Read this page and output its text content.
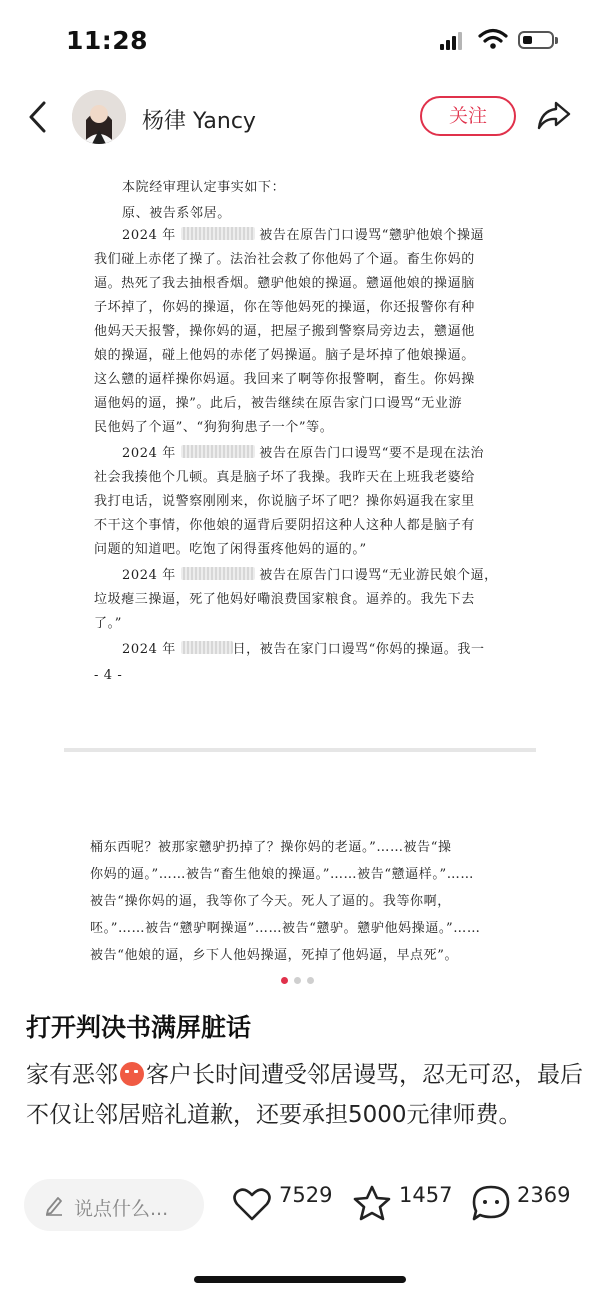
11:28
杨律 Yancy	关注
本院经审理认定事实如下：
原、被告系邻居。
2024 年	被告在原告门口谩骂“戆驴他娘个操逼
我们碰上赤佬了操了。法治社会救了你他妈了个逼。畜生你妈的
逼。热死了我去抽根香烟。戆驴他娘的操逼。戆逼他娘的操逼脑
子坏掉了，你妈的操逼，你在等他妈死的操逼，你还报警你有种
他妈天天报警，操你妈的逼，把屋子搬到警察局旁边去，戆逼他
娘的操逼，碰上他妈的赤佬了妈操逼。脑子是坏掉了他娘操逼。
这么戆的逼样操你妈逼。我回来了啊等你报警啊，畜生。你妈操
逼他妈的逼，操”。此后，被告继续在原告家门口谩骂“无业游
民他妈了个逼”、“狗狗狗患子一个”等。
2024 年	被告在原告门口谩骂“要不是现在法治
社会我揍他个几顿。真是脑子坏了我操。我昨天在上班我老婆给
我打电话，说警察刚刚来，你说脑子坏了吧？操你妈逼我在家里
不干这个事情，你他娘的逼背后要阴招这种人这种人都是脑子有
问题的知道吧。吃饱了闲得蛋疼他妈的逼的。”
2024 年	被告在原告门口谩骂“无业游民娘个逼，
垃圾瘪三操逼，死了他妈好嘞浪费国家粮食。逼养的。我先下去
了。”
2024 年	日，被告在家门口谩骂“你妈的操逼。我一
- 4 -
桶东西呢？被那家戆驴扔掉了？操你妈的老逼。”……被告“操
你妈的逼。”……被告“畜生他娘的操逼。”……被告“戆逼样。”……
被告“操你妈的逼，我等你了今天。死人了逼的。我等你啊，
呸。”……被告“戆驴啊操逼”……被告“戆驴。戆驴他妈操逼。”……
被告“他娘的逼，乡下人他妈操逼，死掉了他妈逼，早点死”。
打开判决书满屏脏话
家有恶邻 客户长时间遭受邻居谩骂，忍无可忍，最后不仅让邻居赔礼道歉，还要承担5000元律师费。
说点什么...
7529	1457	2369
